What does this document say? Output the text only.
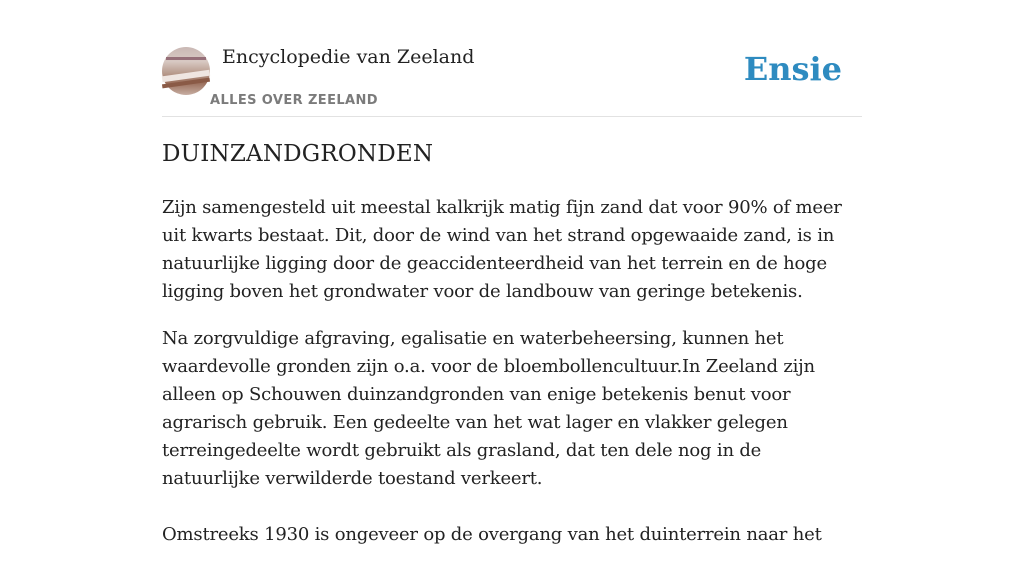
Encyclopedie van Zeeland
ALLES OVER ZEELAND
Ensie
DUINZANDGRONDEN

Zijn samengesteld uit meestal kalkrijk matig fijn zand dat voor 90% of meer uit kwarts bestaat. Dit, door de wind van het strand opgewaaide zand, is in natuurlijke ligging door de geaccidenteerdheid van het terrein en de hoge ligging boven het grondwater voor de landbouw van geringe betekenis.

Na zorgvuldige afgraving, egalisatie en waterbeheersing, kunnen het waardevolle gronden zijn o.a. voor de bloembollencultuur.In Zeeland zijn alleen op Schouwen duinzandgronden van enige betekenis benut voor agrarisch gebruik. Een gedeelte van het wat lager en vlakker gelegen terreingedeelte wordt gebruikt als grasland, dat ten dele nog in de natuurlijke verwilderde toestand verkeert.

Omstreeks 1930 is ongeveer op de overgang van het duinterrein naar het
